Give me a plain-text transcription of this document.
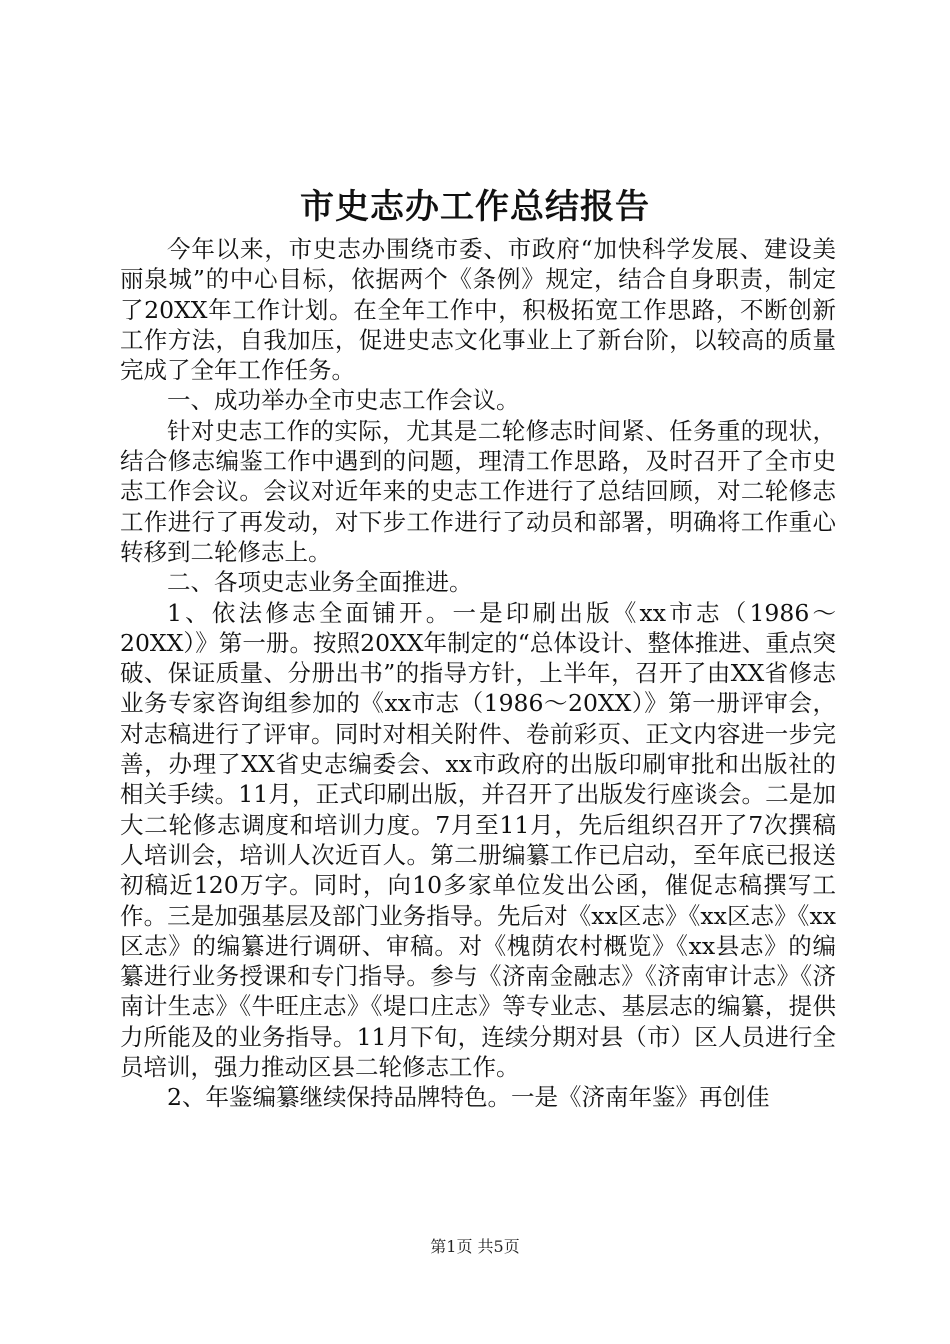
市史志办工作总结报告

今年以来，市史志办围绕市委、市政府“加快科学发展、建设美丽泉城”的中心目标，依据两个《条例》规定，结合自身职责，制定了20XX年工作计划。在全年工作中，积极拓宽工作思路，不断创新工作方法，自我加压，促进史志文化事业上了新台阶，以较高的质量完成了全年工作任务。

一、成功举办全市史志工作会议。

针对史志工作的实际，尤其是二轮修志时间紧、任务重的现状，结合修志编鉴工作中遇到的问题，理清工作思路，及时召开了全市史志工作会议。会议对近年来的史志工作进行了总结回顾，对二轮修志工作进行了再发动，对下步工作进行了动员和部署，明确将工作重心转移到二轮修志上。

二、各项史志业务全面推进。

1、依法修志全面铺开。一是印刷出版《xx市志（1986～20XX）》第一册。按照20XX年制定的“总体设计、整体推进、重点突破、保证质量、分册出书”的指导方针，上半年，召开了由XX省修志业务专家咨询组参加的《xx市志（1986～20XX）》第一册评审会，对志稿进行了评审。同时对相关附件、卷前彩页、正文内容进一步完善，办理了XX省史志编委会、xx市政府的出版印刷审批和出版社的相关手续。11月，正式印刷出版，并召开了出版发行座谈会。二是加大二轮修志调度和培训力度。7月至11月，先后组织召开了7次撰稿人培训会，培训人次近百人。第二册编纂工作已启动，至年底已报送初稿近120万字。同时，向10多家单位发出公函，催促志稿撰写工作。三是加强基层及部门业务指导。先后对《xx区志》《xx区志》《xx区志》的编纂进行调研、审稿。对《槐荫农村概览》《xx县志》的编纂进行业务授课和专门指导。参与《济南金融志》《济南审计志》《济南计生志》《牛旺庄志》《堤口庄志》等专业志、基层志的编纂，提供力所能及的业务指导。11月下旬，连续分期对县（市）区人员进行全员培训，强力推动区县二轮修志工作。

2、年鉴编纂继续保持品牌特色。一是《济南年鉴》再创佳

第1页 共5页
